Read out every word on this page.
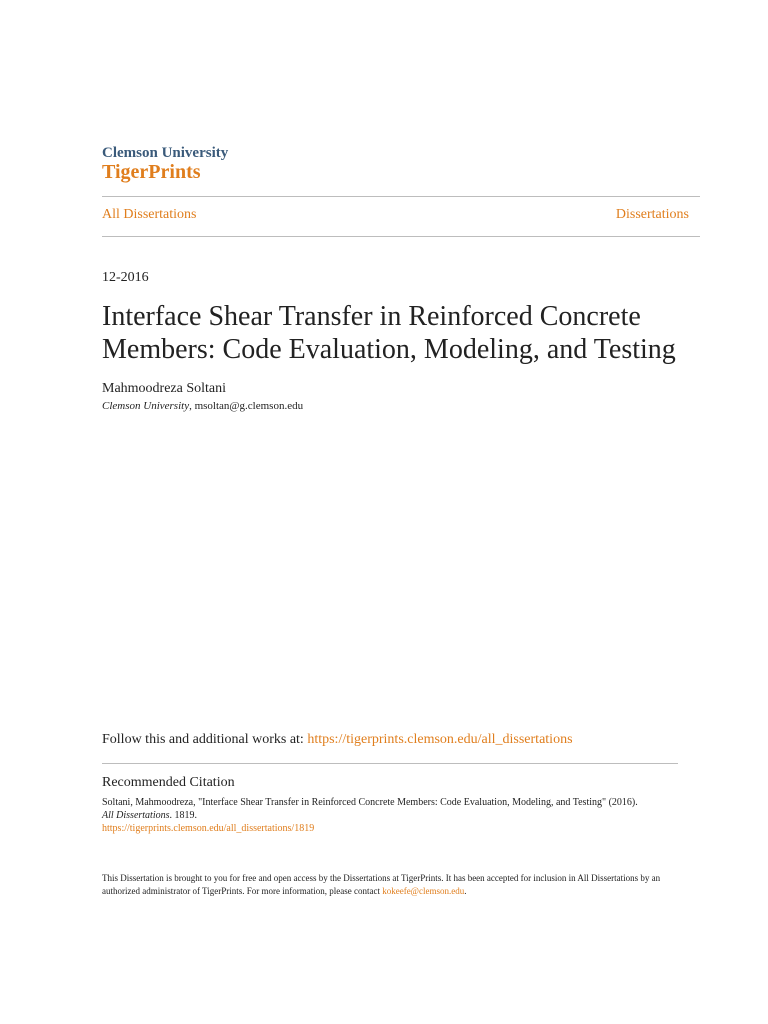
Clemson University
TigerPrints
All Dissertations	Dissertations
12-2016
Interface Shear Transfer in Reinforced Concrete
Members: Code Evaluation, Modeling, and Testing
Mahmoodreza Soltani
Clemson University, msoltan@g.clemson.edu
Follow this and additional works at: https://tigerprints.clemson.edu/all_dissertations
Recommended Citation
Soltani, Mahmoodreza, "Interface Shear Transfer in Reinforced Concrete Members: Code Evaluation, Modeling, and Testing" (2016).
All Dissertations. 1819.
https://tigerprints.clemson.edu/all_dissertations/1819
This Dissertation is brought to you for free and open access by the Dissertations at TigerPrints. It has been accepted for inclusion in All Dissertations by an authorized administrator of TigerPrints. For more information, please contact kokeefe@clemson.edu.
